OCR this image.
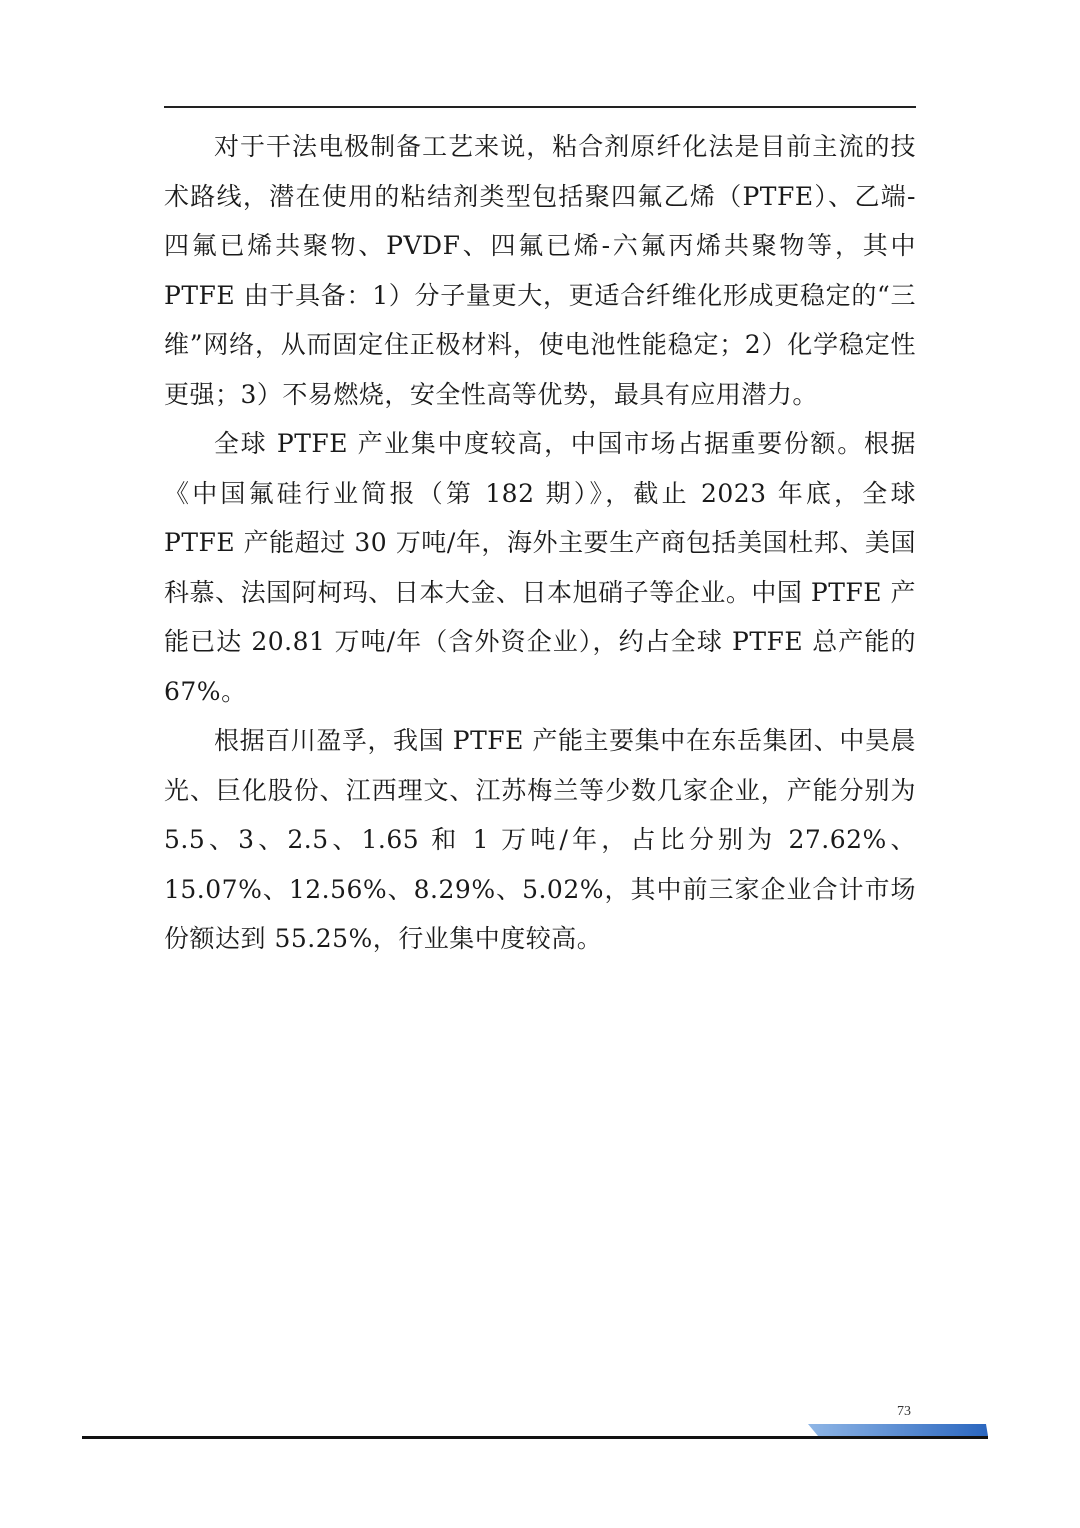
对于干法电极制备工艺来说，粘合剂原纤化法是目前主流的技术路线，潜在使用的粘结剂类型包括聚四氟乙烯（PTFE）、乙端-四氟已烯共聚物、PVDF、四氟已烯-六氟丙烯共聚物等，其中 PTFE 由于具备：1）分子量更大，更适合纤维化形成更稳定的“三维”网络，从而固定住正极材料，使电池性能稳定；2）化学稳定性更强；3）不易燃烧，安全性高等优势，最具有应用潜力。

全球 PTFE 产业集中度较高，中国市场占据重要份额。根据《中国氟硅行业简报（第 182 期）》，截止 2023 年底，全球 PTFE 产能超过 30 万吨/年，海外主要生产商包括美国杜邦、美国科慕、法国阿柯玛、日本大金、日本旭硝子等企业。中国 PTFE 产能已达 20.81 万吨/年（含外资企业），约占全球 PTFE 总产能的 67%。

根据百川盈孚，我国 PTFE 产能主要集中在东岳集团、中昊晨光、巨化股份、江西理文、江苏梅兰等少数几家企业，产能分别为 5.5、3、2.5、1.65 和 1 万吨/年，占比分别为 27.62%、15.07%、12.56%、8.29%、5.02%，其中前三家企业合计市场份额达到 55.25%，行业集中度较高。

73
